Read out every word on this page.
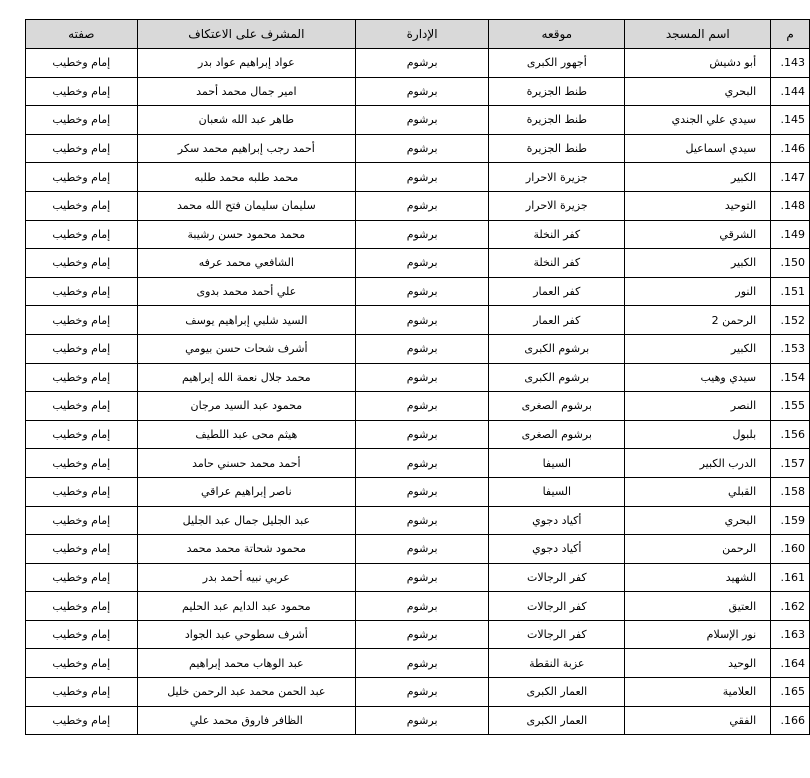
صفته	المشرف على الاعتكاف	الإدارة	موقعه	اسم المسجد	م
إمام وخطيب	عواد إبراهيم عواد بدر	برشوم	أجهور الكبرى	أبو دشيش	.143
إمام وخطيب	امير جمال محمد أحمد	برشوم	طنط الجزيرة	البحري	.144
إمام وخطيب	طاهر عبد الله شعبان	برشوم	طنط الجزيرة	سيدي علي الجندي	.145
إمام وخطيب	أحمد رجب إبراهيم محمد سكر	برشوم	طنط الجزيرة	سيدي اسماعيل	.146
إمام وخطيب	محمد طلبه محمد طلبه	برشوم	جزيرة الاحرار	الكبير	.147
إمام وخطيب	سليمان سليمان فتح الله محمد	برشوم	جزيرة الاحرار	التوحيد	.148
إمام وخطيب	محمد محمود حسن رشيبة	برشوم	كفر النخلة	الشرقي	.149
إمام وخطيب	الشافعي محمد عرفه	برشوم	كفر النخلة	الكبير	.150
إمام وخطيب	علي أحمد محمد بدوى	برشوم	كفر العمار	النور	.151
إمام وخطيب	السيد شلبي إبراهيم يوسف	برشوم	كفر العمار	الرحمن 2	.152
إمام وخطيب	أشرف شحات حسن بيومي	برشوم	برشوم الكبرى	الكبير	.153
إمام وخطيب	محمد جلال نعمة الله إبراهيم	برشوم	برشوم الكبرى	سيدي وهيب	.154
إمام وخطيب	محمود عبد السيد مرجان	برشوم	برشوم الصغرى	النصر	.155
إمام وخطيب	هيثم محى عبد اللطيف	برشوم	برشوم الصغرى	بلبول	.156
إمام وخطيب	أحمد محمد حسني حامد	برشوم	السيفا	الدرب الكبير	.157
إمام وخطيب	ناصر إبراهيم عراقي	برشوم	السيفا	القبلي	.158
إمام وخطيب	عبد الجليل جمال عبد الجليل	برشوم	أكياد دجوي	البحري	.159
إمام وخطيب	محمود شحاتة محمد محمد	برشوم	أكياد دجوي	الرحمن	.160
إمام وخطيب	عربي نبيه أحمد بدر	برشوم	كفر الرجالات	الشهيد	.161
إمام وخطيب	محمود عبد الدايم عبد الحليم	برشوم	كفر الرجالات	العتيق	.162
إمام وخطيب	أشرف سطوحي عبد الجواد	برشوم	كفر الرجالات	نور الإسلام	.163
إمام وخطيب	عبد الوهاب محمد إبراهيم	برشوم	عزبة النقطة	الوحيد	.164
إمام وخطيب	عبد الحمن محمد عبد الرحمن خليل	برشوم	العمار الكبرى	العلامية	.165
إمام وخطيب	الظافر فاروق محمد علي	برشوم	العمار الكبرى	الفقي	.166
